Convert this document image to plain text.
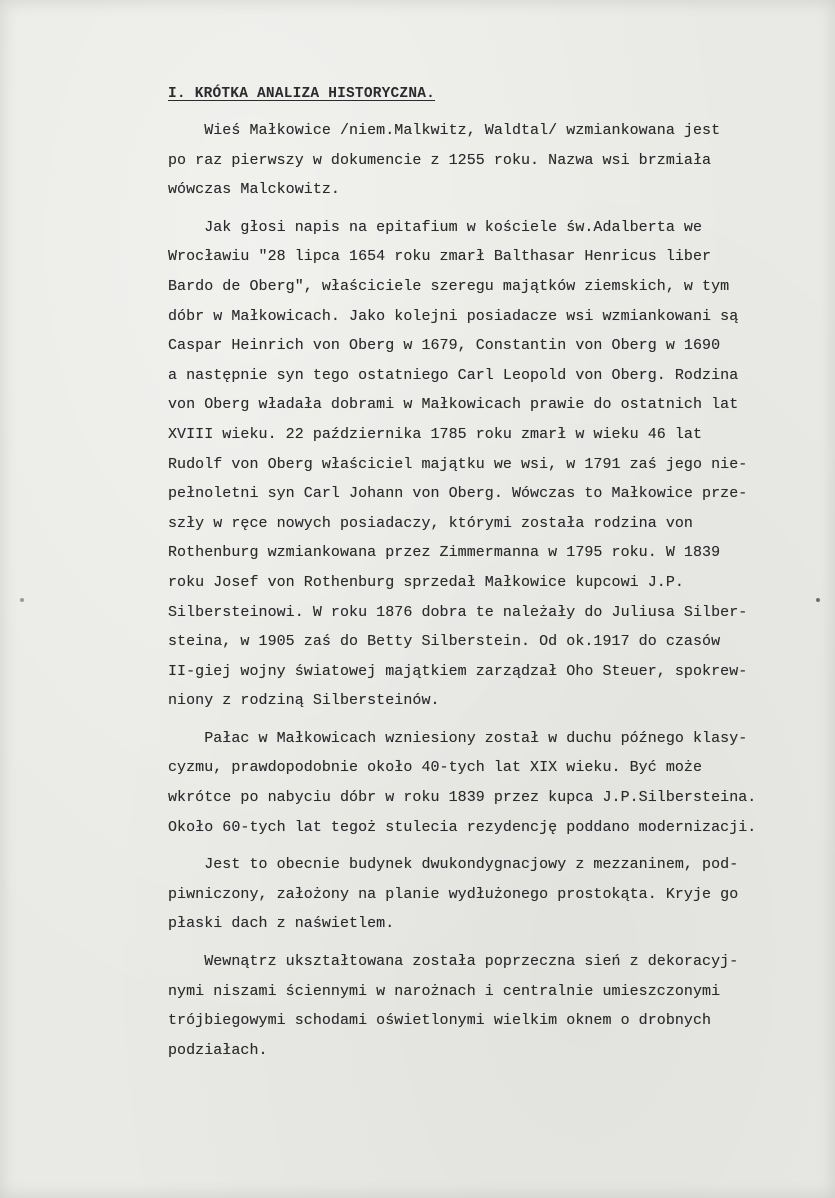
I. KRÓTKA ANALIZA HISTORYCZNA.
Wieś Małkowice /niem.Malkwitz, Waldtal/ wzmiankowana jest
po raz pierwszy w dokumencie z 1255 roku. Nazwa wsi brzmiała
wówczas Malckowitz.
Jak głosi napis na epitafium w kościele św.Adalberta we
Wrocławiu "28 lipca 1654 roku zmarł Balthasar Henricus liber
Bardo de Oberg", właściciele szeregu majątków ziemskich, w tym
dóbr w Małkowicach. Jako kolejni posiadacze wsi wzmiankowani są
Caspar Heinrich von Oberg w 1679, Constantin von Oberg w 1690
a następnie syn tego ostatniego Carl Leopold von Oberg. Rodzina
von Oberg władała dobrami w Małkowicach prawie do ostatnich lat
XVIII wieku. 22 października 1785 roku zmarł w wieku 46 lat
Rudolf von Oberg właściciel majątku we wsi, w 1791 zaś jego nie-
pełnoletni syn Carl Johann von Oberg. Wówczas to Małkowice prze-
szły w ręce nowych posiadaczy, którymi została rodzina von
Rothenburg wzmiankowana przez Zimmermanna w 1795 roku. W 1839
roku Josef von Rothenburg sprzedał Małkowice kupcowi J.P.
Silbersteinowi. W roku 1876 dobra te należały do Juliusa Silber-
steina, w 1905 zaś do Betty Silberstein. Od ok.1917 do czasów
II-giej wojny światowej majątkiem zarządzał Oho Steuer, spokrew-
niony z rodziną Silbersteinów.
Pałac w Małkowicach wzniesiony został w duchu późnego klasy-
cyzmu, prawdopodobnie około 40-tych lat XIX wieku. Być może
wkrótce po nabyciu dóbr w roku 1839 przez kupca J.P.Silbersteina.
Około 60-tych lat tegoż stulecia rezydencję poddano modernizacji.
Jest to obecnie budynek dwukondygnacjowy z mezzaninem, pod-
piwniczony, założony na planie wydłużonego prostokąta. Kryje go
płaski dach z naświetlem.
Wewnątrz ukształtowana została poprzeczna sień z dekoracyj-
nymi niszami ściennymi w narożnach i centralnie umieszczonymi
trójbiegowymi schodami oświetlonymi wielkim oknem o drobnych
podziałach.
